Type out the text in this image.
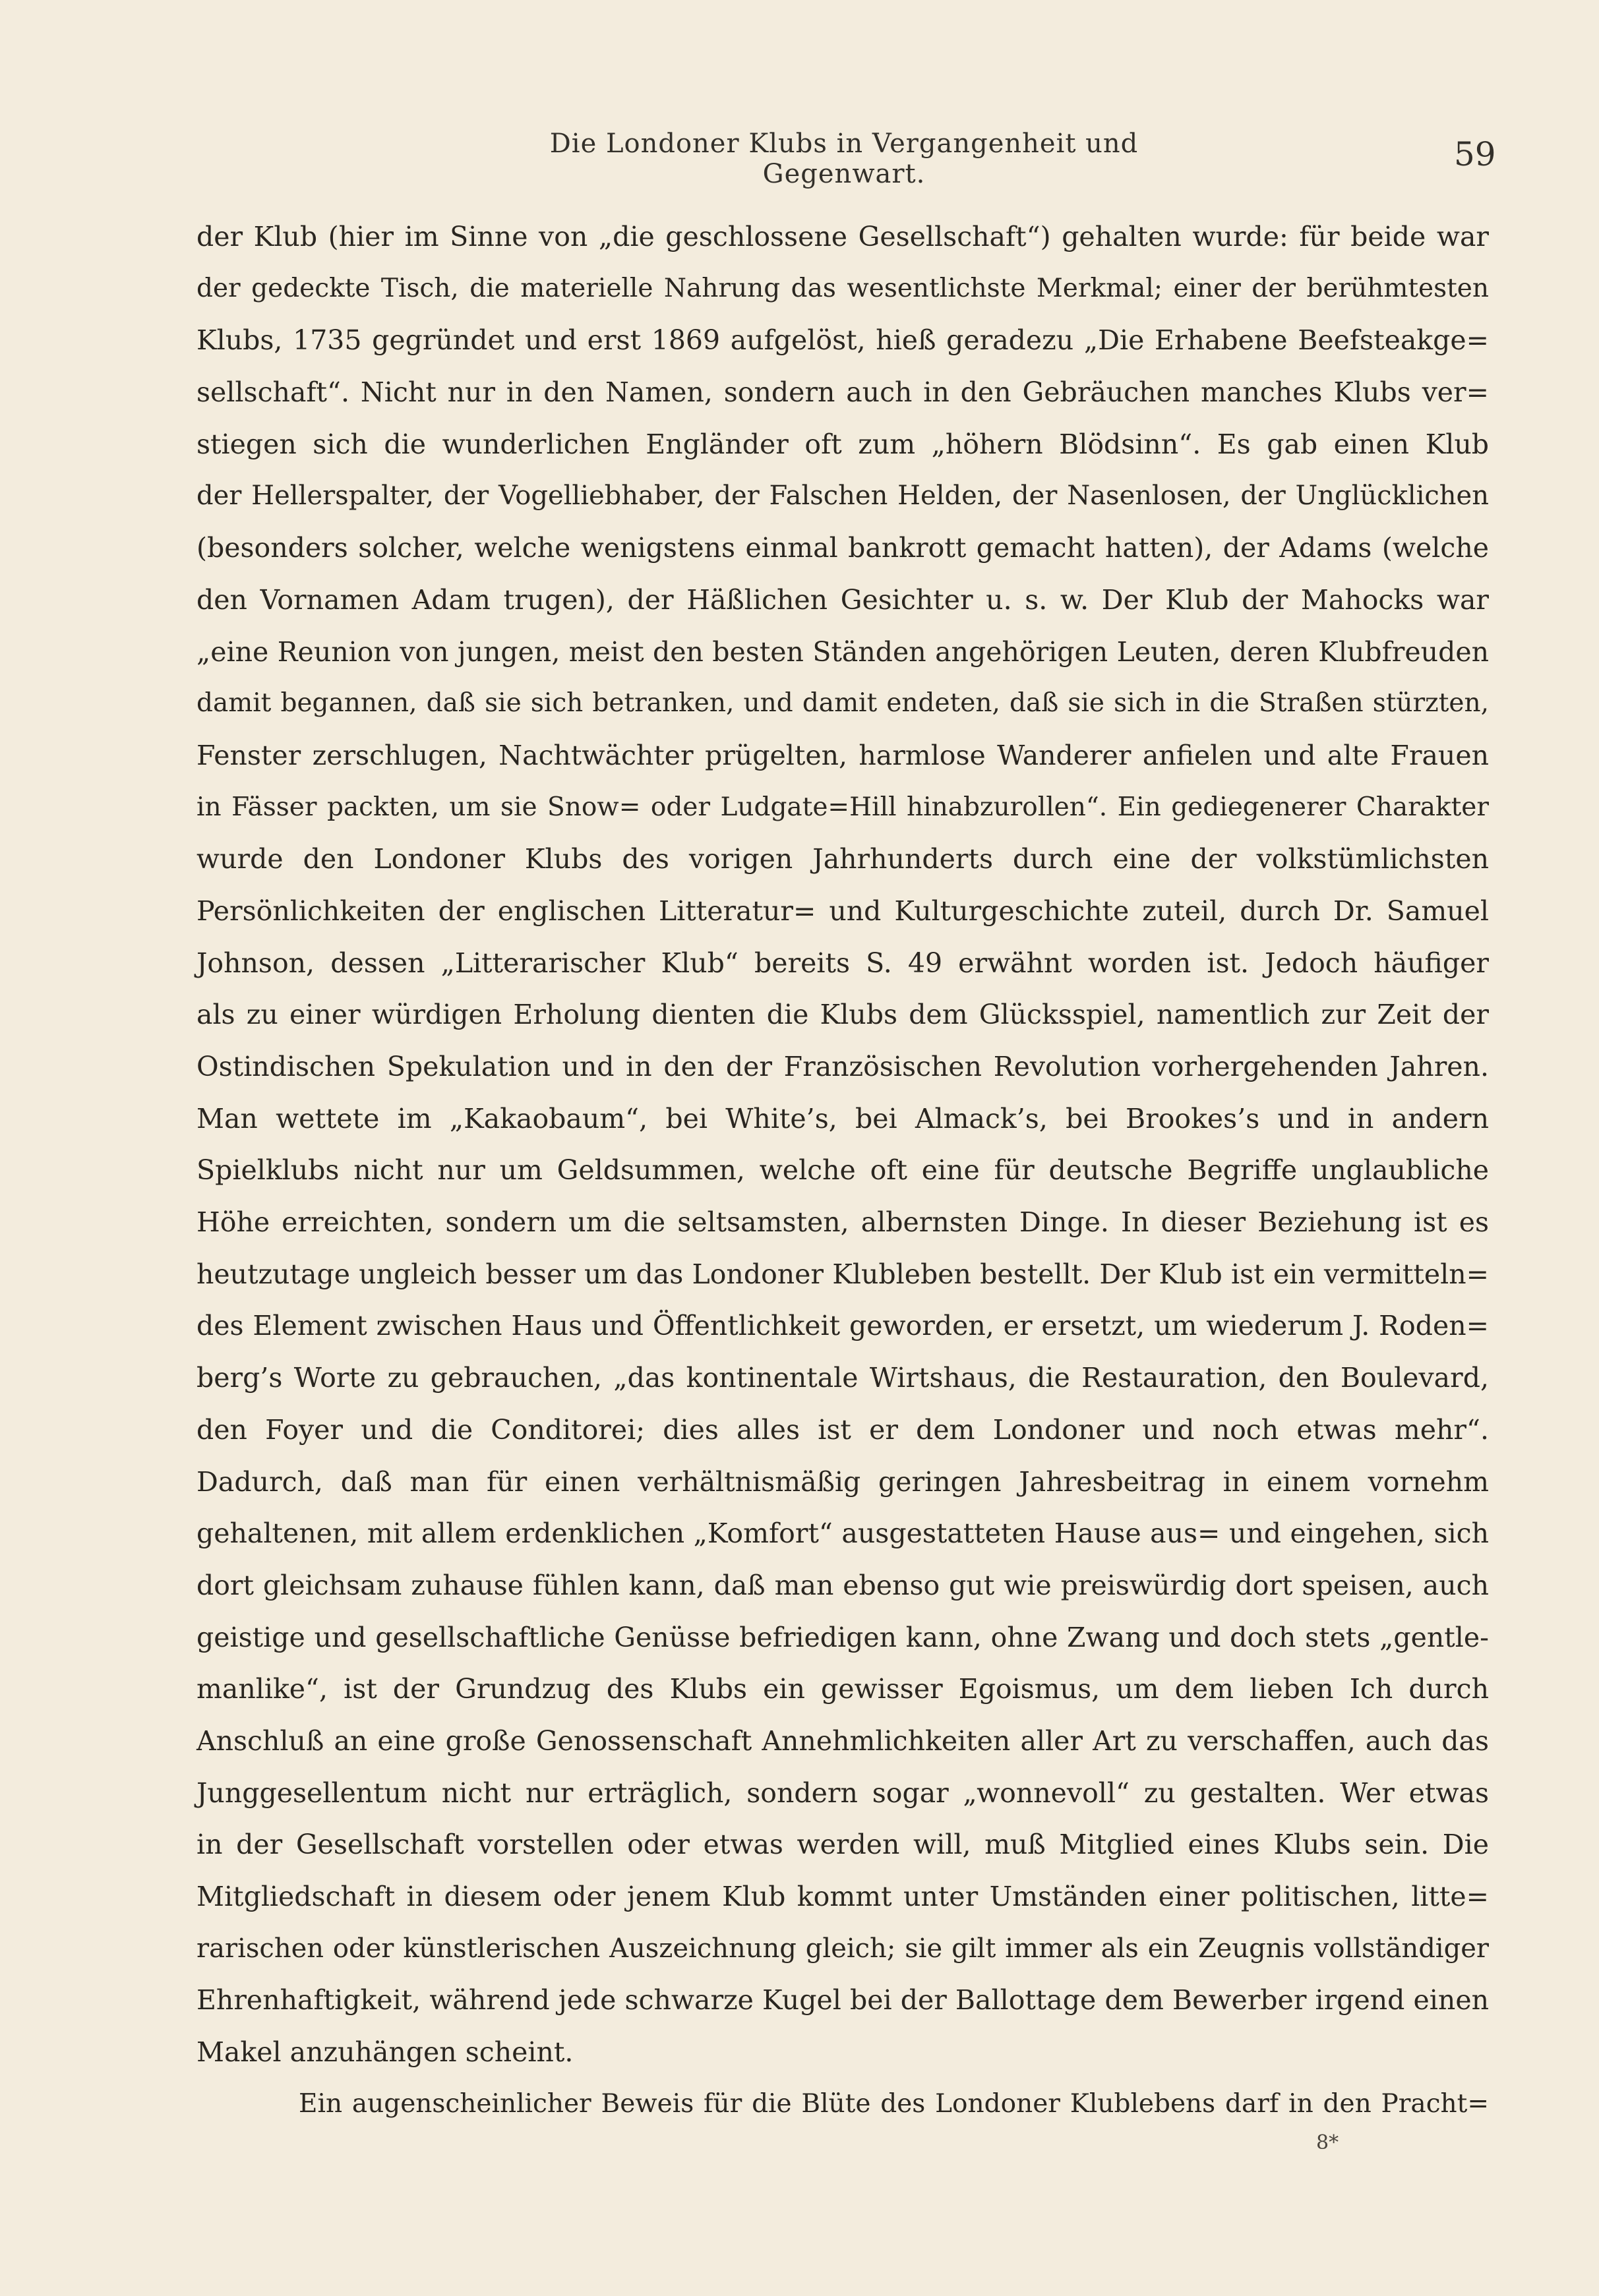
Die Londoner Klubs in Vergangenheit und Gegenwart.
59
der Klub (hier im Sinne von „die geschlossene Gesellschaft“) gehalten wurde: für beide war
der gedeckte Tisch, die materielle Nahrung das wesentlichste Merkmal; einer der berühmtesten
Klubs, 1735 gegründet und erst 1869 aufgelöst, hieß geradezu „Die Erhabene Beefsteakge=
sellschaft“. Nicht nur in den Namen, sondern auch in den Gebräuchen manches Klubs ver=
stiegen sich die wunderlichen Engländer oft zum „höhern Blödsinn“. Es gab einen Klub
der Hellerspalter, der Vogelliebhaber, der Falschen Helden, der Nasenlosen, der Unglücklichen
(besonders solcher, welche wenigstens einmal bankrott gemacht hatten), der Adams (welche
den Vornamen Adam trugen), der Häßlichen Gesichter u. s. w. Der Klub der Mahocks war
„eine Reunion von jungen, meist den besten Ständen angehörigen Leuten, deren Klubfreuden
damit begannen, daß sie sich betranken, und damit endeten, daß sie sich in die Straßen stürzten,
Fenster zerschlugen, Nachtwächter prügelten, harmlose Wanderer anfielen und alte Frauen
in Fässer packten, um sie Snow= oder Ludgate=Hill hinabzurollen“. Ein gediegenerer Charakter
wurde den Londoner Klubs des vorigen Jahrhunderts durch eine der volkstümlichsten
Persönlichkeiten der englischen Litteratur= und Kulturgeschichte zuteil, durch Dr. Samuel
Johnson, dessen „Litterarischer Klub“ bereits S. 49 erwähnt worden ist. Jedoch häufiger
als zu einer würdigen Erholung dienten die Klubs dem Glücksspiel, namentlich zur Zeit der
Ostindischen Spekulation und in den der Französischen Revolution vorhergehenden Jahren.
Man wettete im „Kakaobaum“, bei White’s, bei Almack’s, bei Brookes’s und in andern
Spielklubs nicht nur um Geldsummen, welche oft eine für deutsche Begriffe unglaubliche
Höhe erreichten, sondern um die seltsamsten, albernsten Dinge. In dieser Beziehung ist es
heutzutage ungleich besser um das Londoner Klubleben bestellt. Der Klub ist ein vermitteln=
des Element zwischen Haus und Öffentlichkeit geworden, er ersetzt, um wiederum J. Roden=
berg’s Worte zu gebrauchen, „das kontinentale Wirtshaus, die Restauration, den Boulevard,
den Foyer und die Conditorei; dies alles ist er dem Londoner und noch etwas mehr“.
Dadurch, daß man für einen verhältnismäßig geringen Jahresbeitrag in einem vornehm
gehaltenen, mit allem erdenklichen „Komfort“ ausgestatteten Hause aus= und eingehen, sich
dort gleichsam zuhause fühlen kann, daß man ebenso gut wie preiswürdig dort speisen, auch
geistige und gesellschaftliche Genüsse befriedigen kann, ohne Zwang und doch stets „gentle-
manlike“, ist der Grundzug des Klubs ein gewisser Egoismus, um dem lieben Ich durch
Anschluß an eine große Genossenschaft Annehmlichkeiten aller Art zu verschaffen, auch das
Junggesellentum nicht nur erträglich, sondern sogar „wonnevoll“ zu gestalten. Wer etwas
in der Gesellschaft vorstellen oder etwas werden will, muß Mitglied eines Klubs sein. Die
Mitgliedschaft in diesem oder jenem Klub kommt unter Umständen einer politischen, litte=
rarischen oder künstlerischen Auszeichnung gleich; sie gilt immer als ein Zeugnis vollständiger
Ehrenhaftigkeit, während jede schwarze Kugel bei der Ballottage dem Bewerber irgend einen
Makel anzuhängen scheint.
Ein augenscheinlicher Beweis für die Blüte des Londoner Klublebens darf in den Pracht=
8*
